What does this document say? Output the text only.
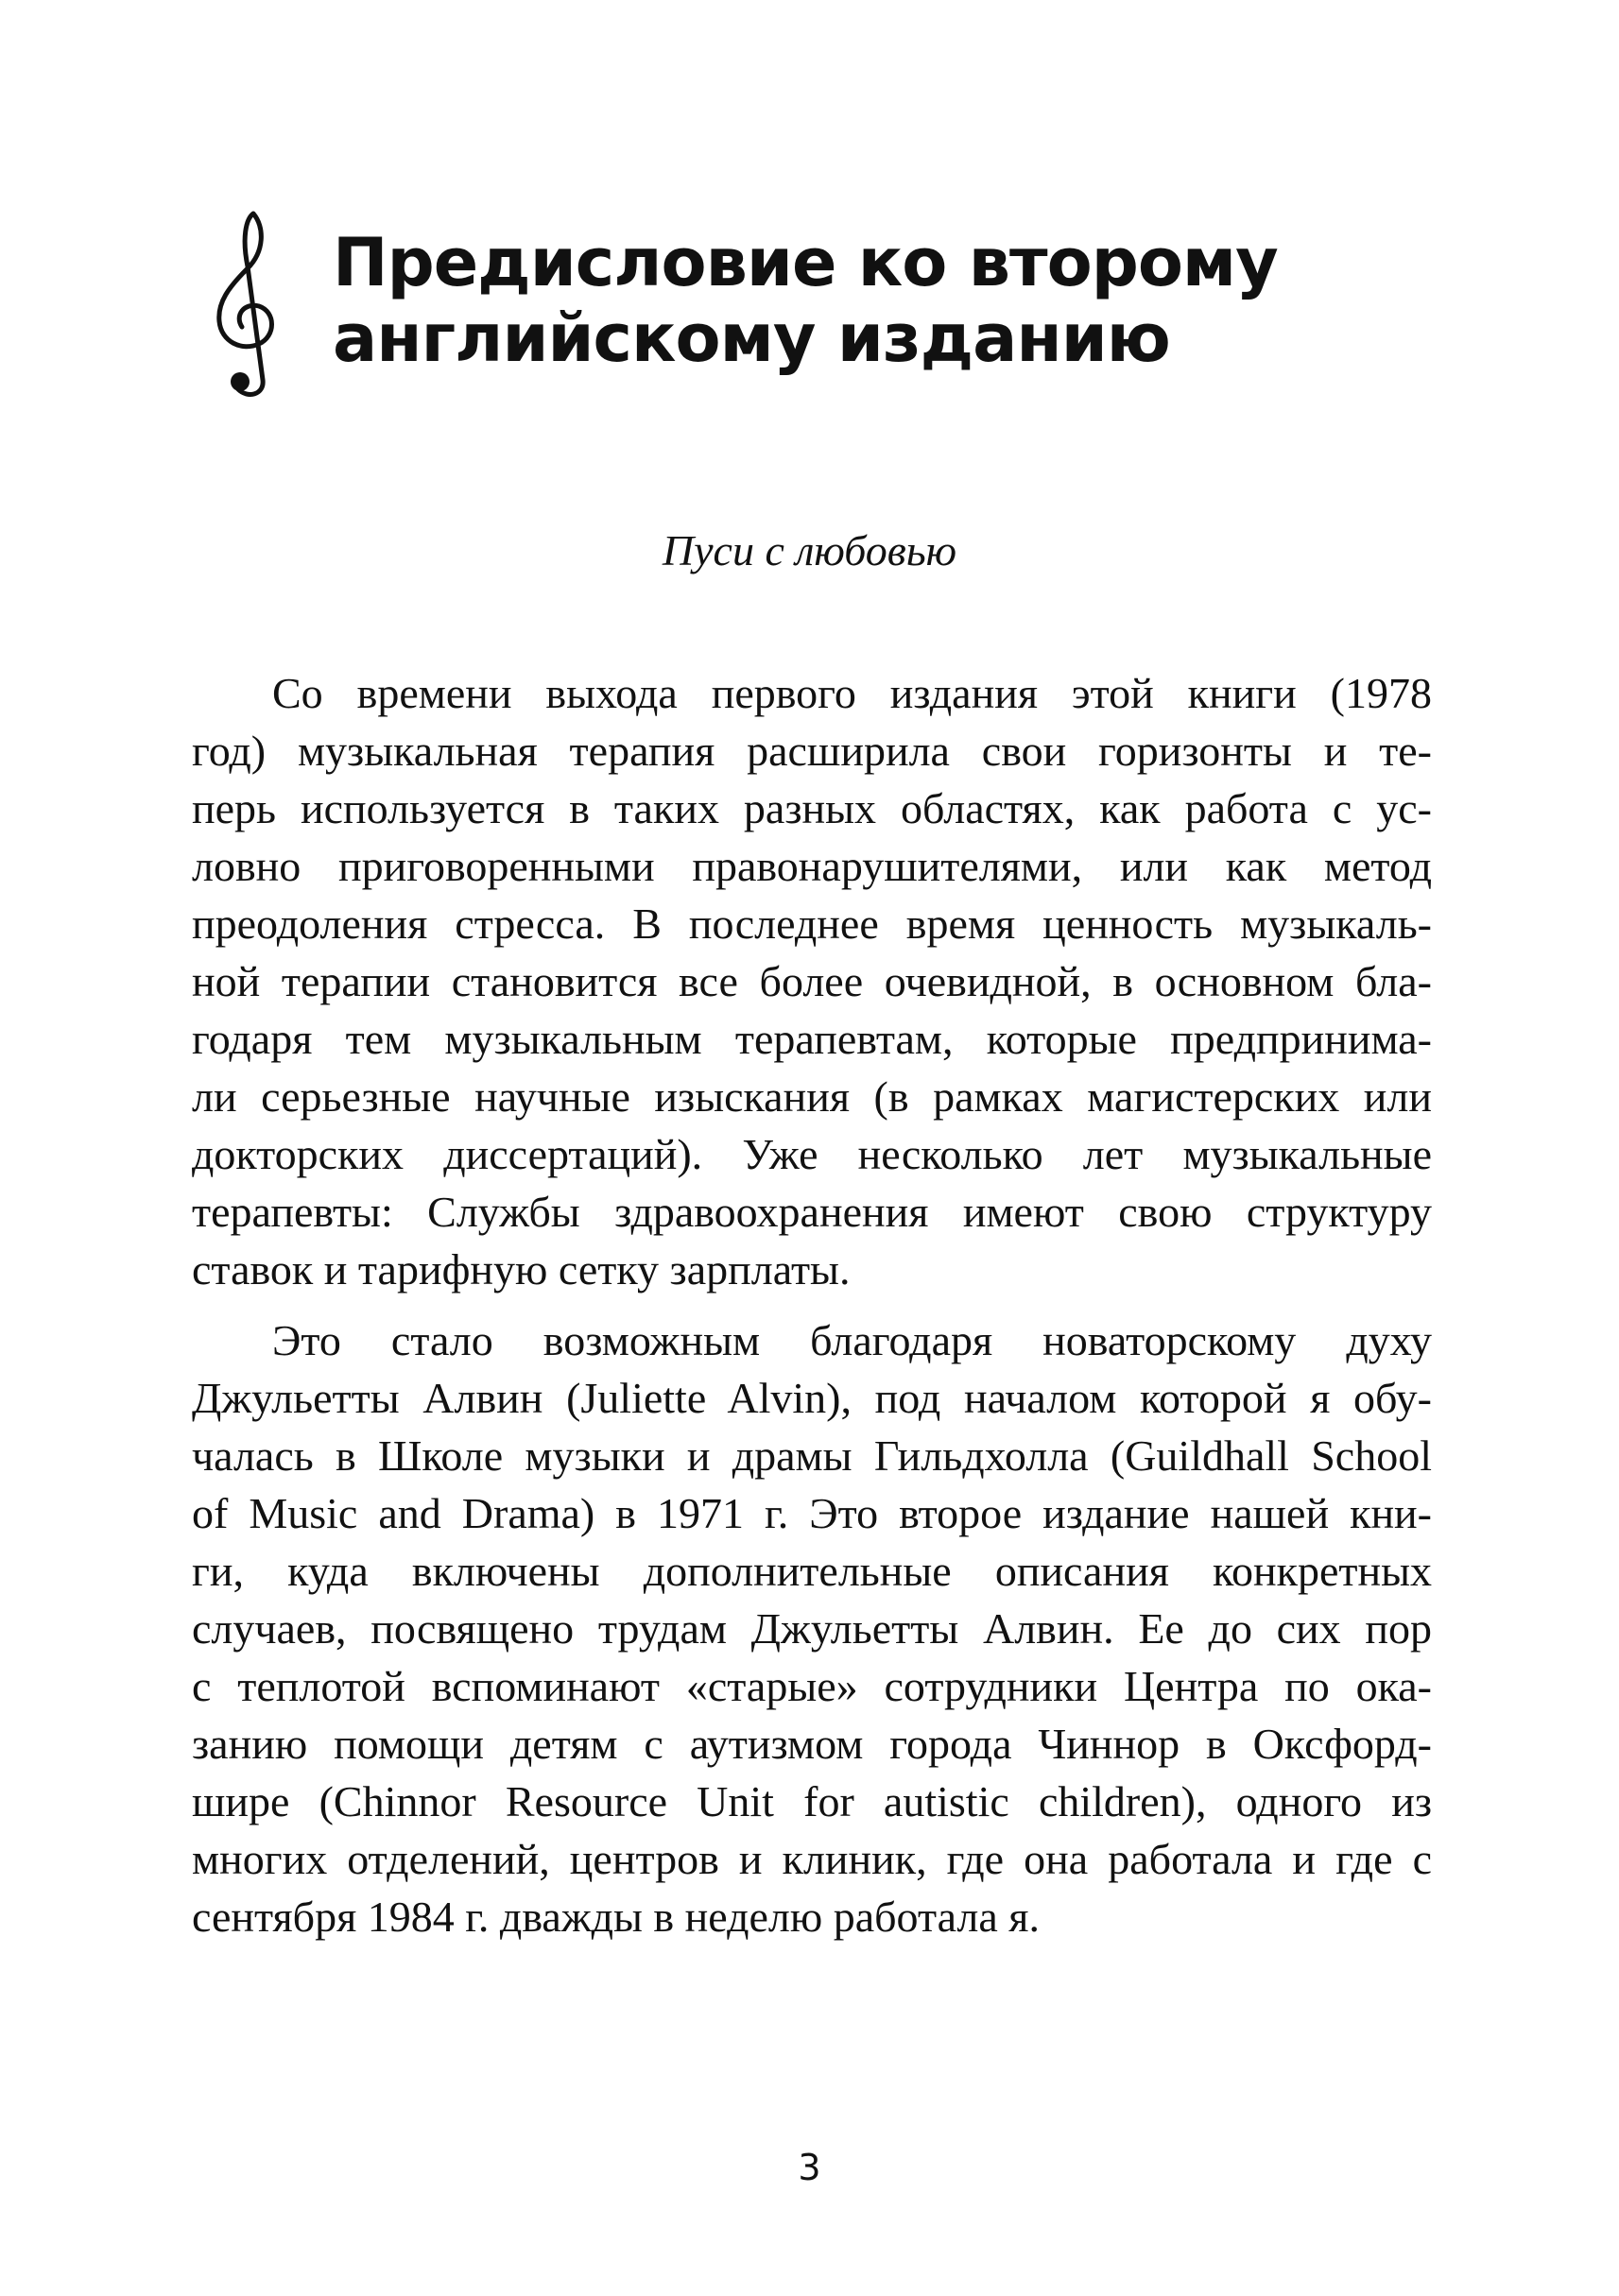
Предисловие ко второму
английскому изданию
Пуси с любовью
Со времени выхода первого издания этой книги (1978
год) музыкальная терапия расширила свои горизонты и те-
перь используется в таких разных областях, как работа с ус-
ловно приговоренными правонарушителями, или как метод
преодоления стресса. В последнее время ценность музыкаль-
ной терапии становится все более очевидной, в основном бла-
годаря тем музыкальным терапевтам, которые предпринима-
ли серьезные научные изыскания (в рамках магистерских или
докторских диссертаций). Уже несколько лет музыкальные
терапевты: Службы здравоохранения имеют свою структуру
ставок и тарифную сетку зарплаты.
Это стало возможным благодаря новаторскому духу
Джульетты Алвин (Juliette Alvin), под началом которой я обу-
чалась в Школе музыки и драмы Гильдхолла (Guildhall School
of Music and Drama) в 1971 г. Это второе издание нашей кни-
ги, куда включены дополнительные описания конкретных
случаев, посвящено трудам Джульетты Алвин. Ее до сих пор
с теплотой вспоминают «старые» сотрудники Центра по ока-
занию помощи детям с аутизмом города Чиннор в Оксфорд-
шире (Chinnor Resource Unit for autistic children), одного из
многих отделений, центров и клиник, где она работала и где с
сентября 1984 г. дважды в неделю работала я.
3
